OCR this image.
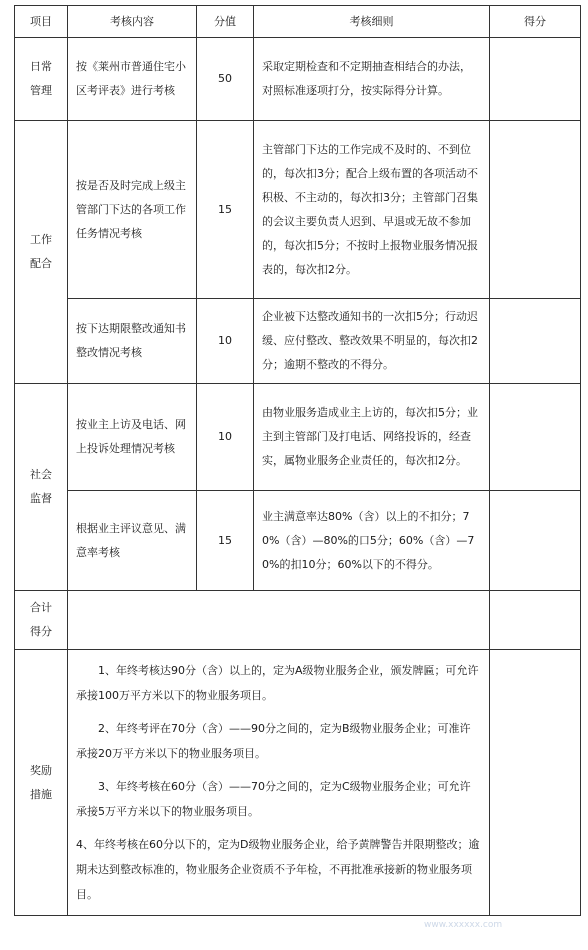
项目	考核内容	分值	考核细则	得分
日常管理	按《莱州市普通住宅小区考评表》进行考核	50	采取定期检查和不定期抽查相结合的办法，对照标准逐项打分，按实际得分计算。	
工作配合	按是否及时完成上级主管部门下达的各项工作任务情况考核	15	主管部门下达的工作完成不及时的、不到位的，每次扣3分；配合上级布置的各项活动不积极、不主动的，每次扣3分；主管部门召集的会议主要负责人迟到、早退或无故不参加的，每次扣5分；不按时上报物业服务情况报表的，每次扣2分。	
	按下达期限整改通知书整改情况考核	10	企业被下达整改通知书的一次扣5分；行动迟缓、应付整改、整改效果不明显的，每次扣2分；逾期不整改的不得分。	
社会监督	按业主上访及电话、网上投诉处理情况考核	10	由物业服务造成业主上访的，每次扣5分；业主到主管部门及打电话、网络投诉的，经查实，属物业服务企业责任的，每次扣2分。	
	根据业主评议意见、满意率考核	15	业主满意率达80%（含）以上的不扣分；70%（含）—80%的口5分；60%（含）—70%的扣10分；60%以下的不得分。	
合计得分				
奖励措施	1、年终考核达90分（含）以上的，定为A级物业服务企业，颁发牌匾；可允许承接100万平方米以下的物业服务项目。

2、年终考评在70分（含）——90分之间的，定为B级物业服务企业；可准许承接20万平方米以下的物业服务项目。

3、年终考核在60分（含）——70分之间的，定为C级物业服务企业；可允许承接5万平方米以下的物业服务项目。

4、年终考核在60分以下的，定为D级物业服务企业，给予黄牌警告并限期整改；逾期未达到整改标准的，物业服务企业资质不予年检，不再批准承接新的物业服务项目。			

www.xxxxxx.com
